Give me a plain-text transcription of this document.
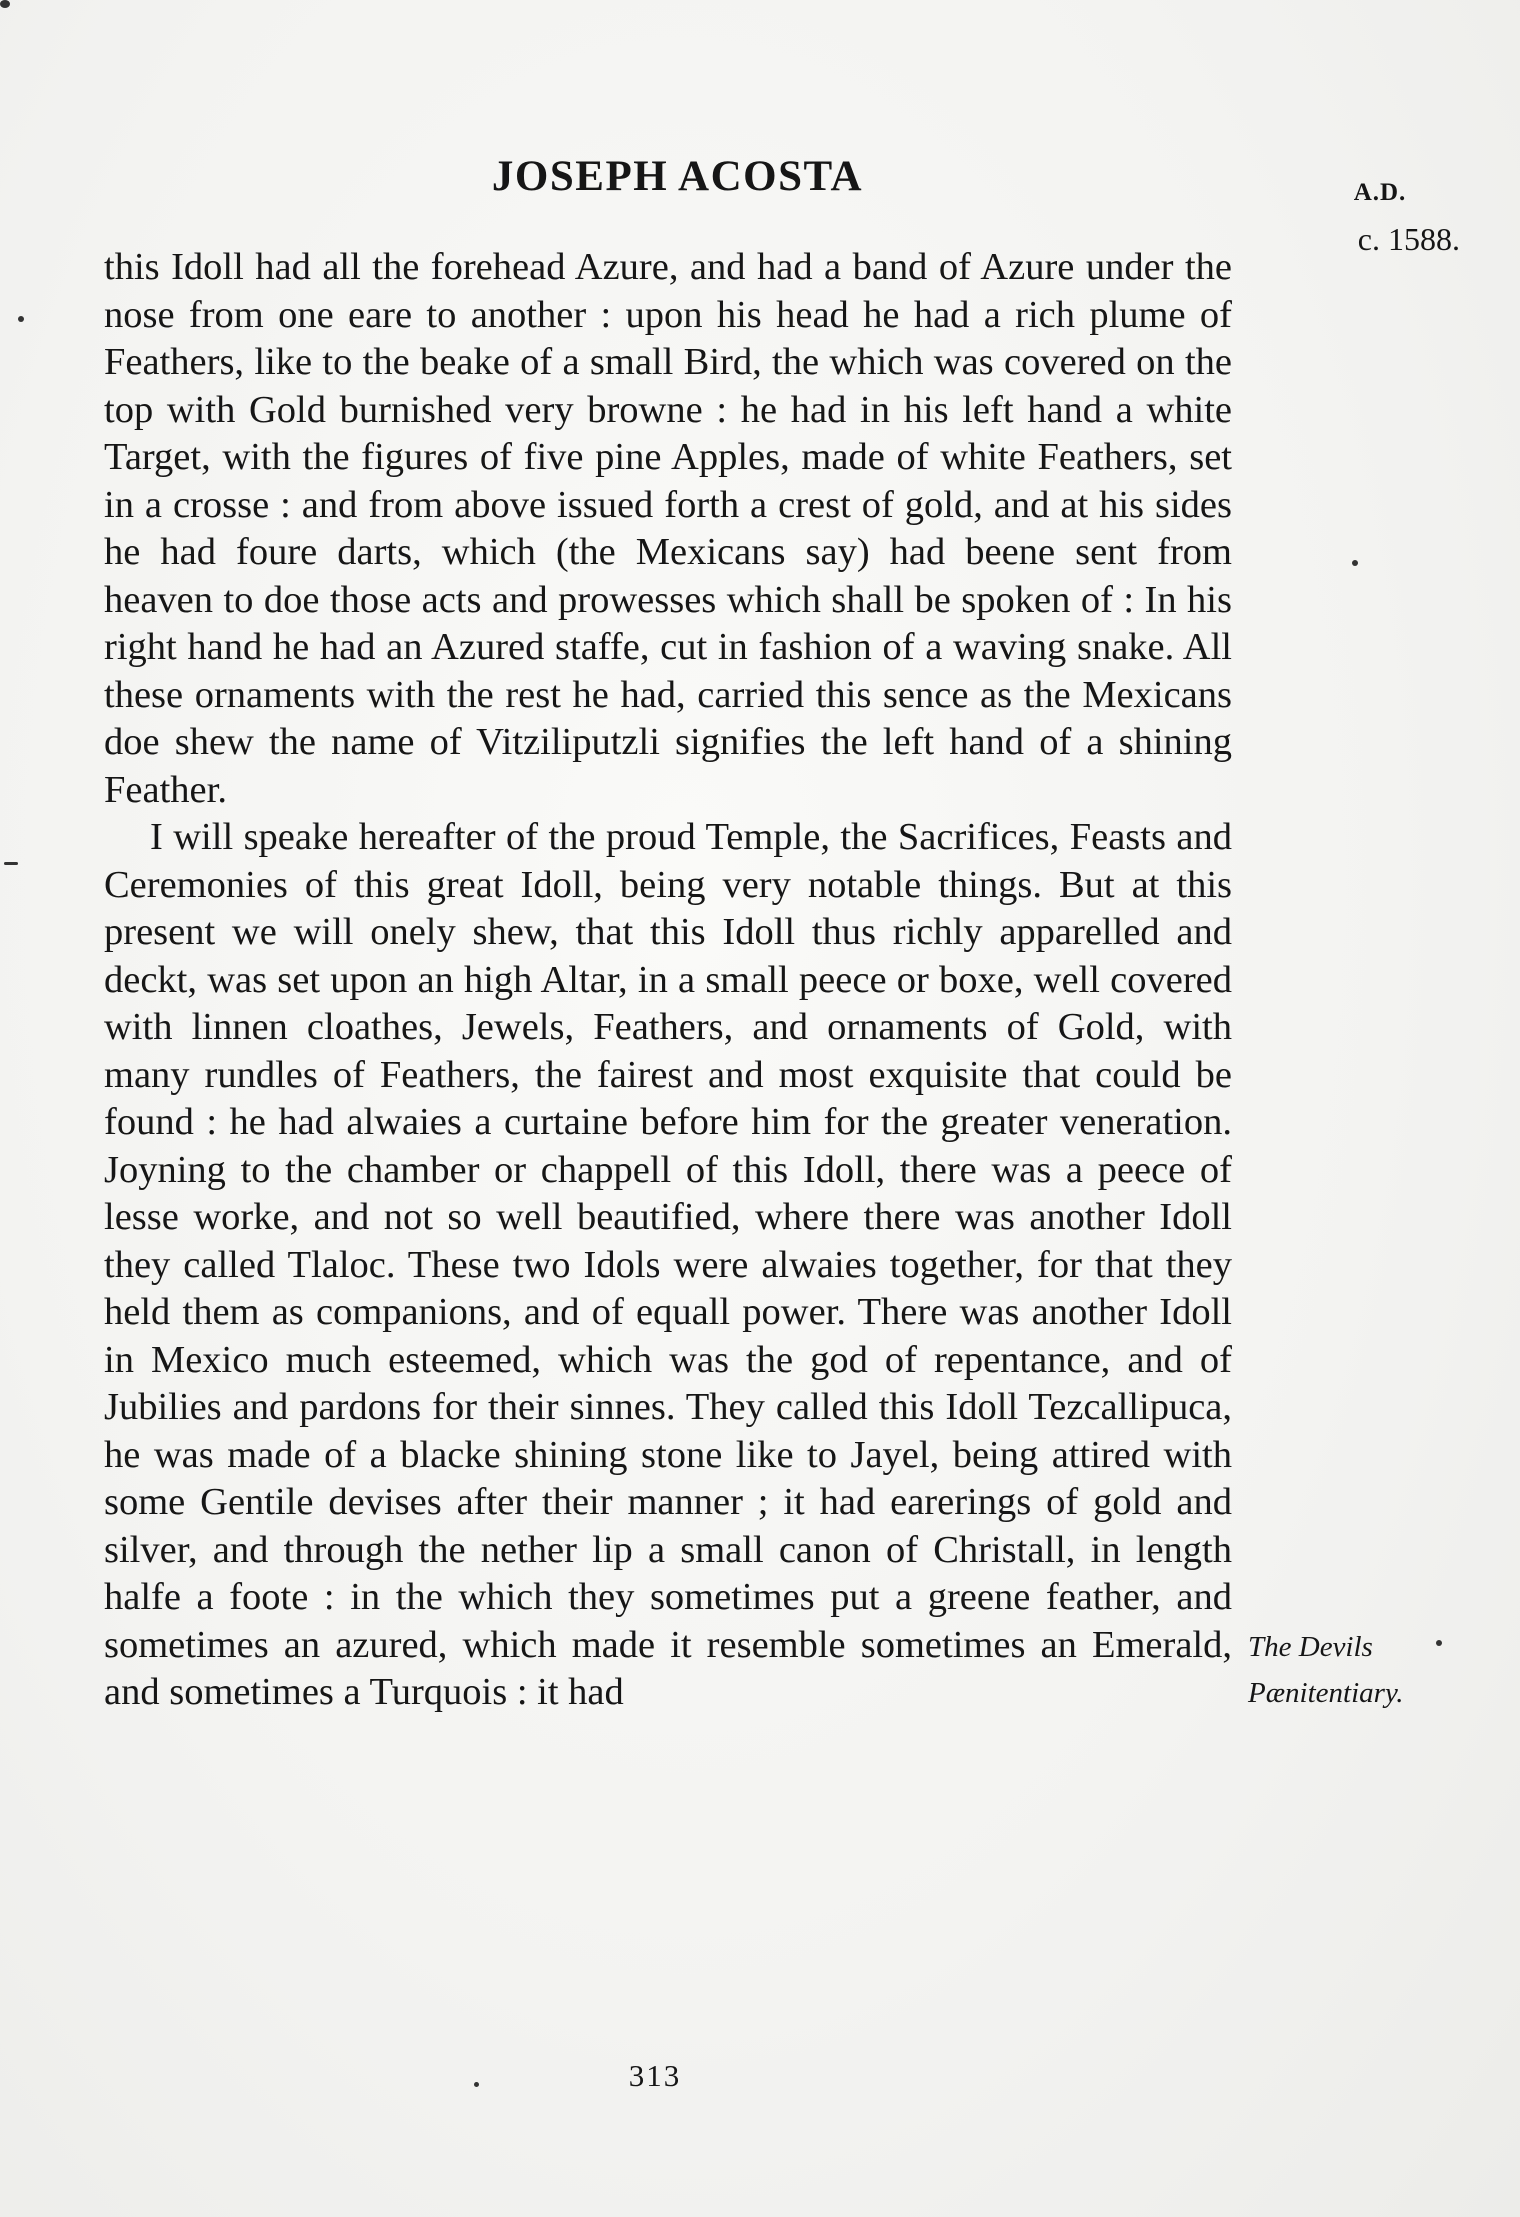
JOSEPH ACOSTA	A.D.
c. 1588.

this Idoll had all the forehead Azure, and had a band of Azure under the nose from one eare to another : upon his head he had a rich plume of Feathers, like to the beake of a small Bird, the which was covered on the top with Gold burnished very browne : he had in his left hand a white Target, with the figures of five pine Apples, made of white Feathers, set in a crosse : and from above issued forth a crest of gold, and at his sides he had foure darts, which (the Mexicans say) had beene sent from heaven to doe those acts and prowesses which shall be spoken of : In his right hand he had an Azured staffe, cut in fashion of a waving snake. All these ornaments with the rest he had, carried this sence as the Mexicans doe shew the name of Vitziliputzli signifies the left hand of a shining Feather.

I will speake hereafter of the proud Temple, the Sacrifices, Feasts and Ceremonies of this great Idoll, being very notable things. But at this present we will onely shew, that this Idoll thus richly apparelled and deckt, was set upon an high Altar, in a small peece or boxe, well covered with linnen cloathes, Jewels, Feathers, and ornaments of Gold, with many rundles of Feathers, the fairest and most exquisite that could be found : he had alwaies a curtaine before him for the greater veneration. Joyning to the chamber or chappell of this Idoll, there was a peece of lesse worke, and not so well beautified, where there was another Idoll they called Tlaloc. These two Idols were alwaies together, for that they held them as companions, and of equall power. There was another Idoll in Mexico much esteemed, which was the god of repentance, and of Jubilies and pardons for their sinnes. They called this Idoll Tezcallipuca, he was made of a blacke shining stone like to Jayel, being attired with some Gentile devises after their manner ; it had earerings of gold and silver, and through the nether lip a small canon of Christall, in length halfe a foote : in the which they sometimes put a greene feather, and sometimes an azured, which made it resemble sometimes an Emerald, and sometimes a Turquois : it had

The Devils
Pænitentiary.
313
